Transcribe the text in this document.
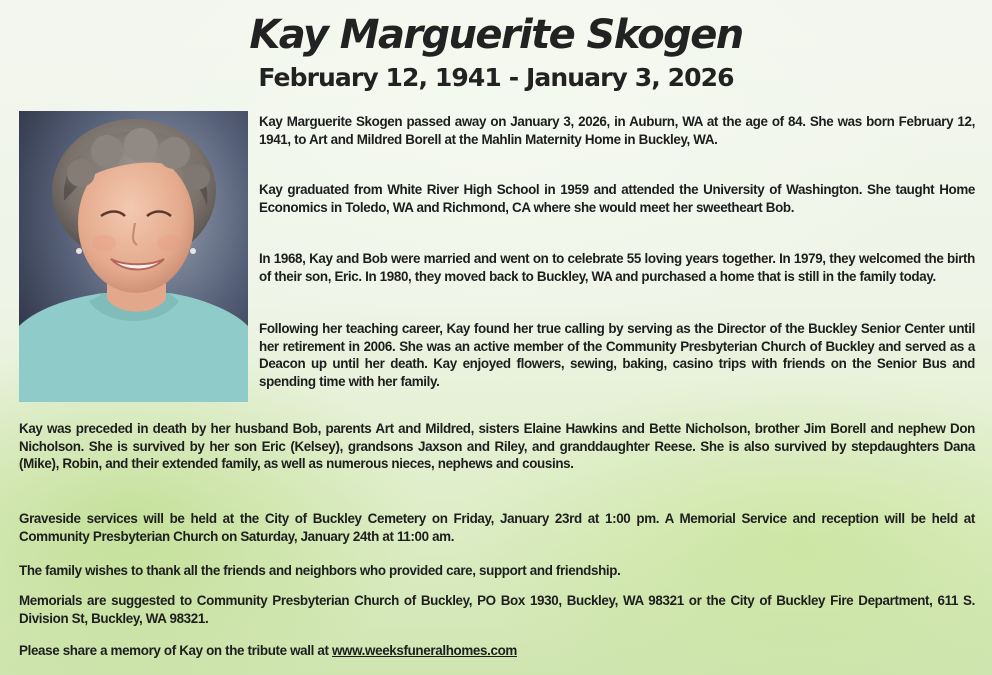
Kay Marguerite Skogen
February 12, 1941 - January 3, 2026

Kay Marguerite Skogen passed away on January 3, 2026, in Auburn, WA at the age of 84. She was born February 12, 1941, to Art and Mildred Borell at the Mahlin Maternity Home in Buckley, WA.

Kay graduated from White River High School in 1959 and attended the University of Washington. She taught Home Economics in Toledo, WA and Richmond, CA where she would meet her sweetheart Bob.

In 1968, Kay and Bob were married and went on to celebrate 55 loving years together. In 1979, they welcomed the birth of their son, Eric. In 1980, they moved back to Buckley, WA and purchased a home that is still in the family today.

Following her teaching career, Kay found her true calling by serving as the Director of the Buckley Senior Center until her retirement in 2006. She was an active member of the Community Presbyterian Church of Buckley and served as a Deacon up until her death. Kay enjoyed flowers, sewing, baking, casino trips with friends on the Senior Bus and spending time with her family.

Kay was preceded in death by her husband Bob, parents Art and Mildred, sisters Elaine Hawkins and Bette Nicholson, brother Jim Borell and nephew Don Nicholson. She is survived by her son Eric (Kelsey), grandsons Jaxson and Riley, and granddaughter Reese. She is also survived by stepdaughters Dana (Mike), Robin, and their extended family, as well as numerous nieces, nephews and cousins.

Graveside services will be held at the City of Buckley Cemetery on Friday, January 23rd at 1:00 pm. A Memorial Service and reception will be held at Community Presbyterian Church on Saturday, January 24th at 11:00 am.

The family wishes to thank all the friends and neighbors who provided care, support and friendship.

Memorials are suggested to Community Presbyterian Church of Buckley, PO Box 1930, Buckley, WA 98321 or the City of Buckley Fire Department, 611 S. Division St, Buckley, WA 98321.

Please share a memory of Kay on the tribute wall at www.weeksfuneralhomes.com
